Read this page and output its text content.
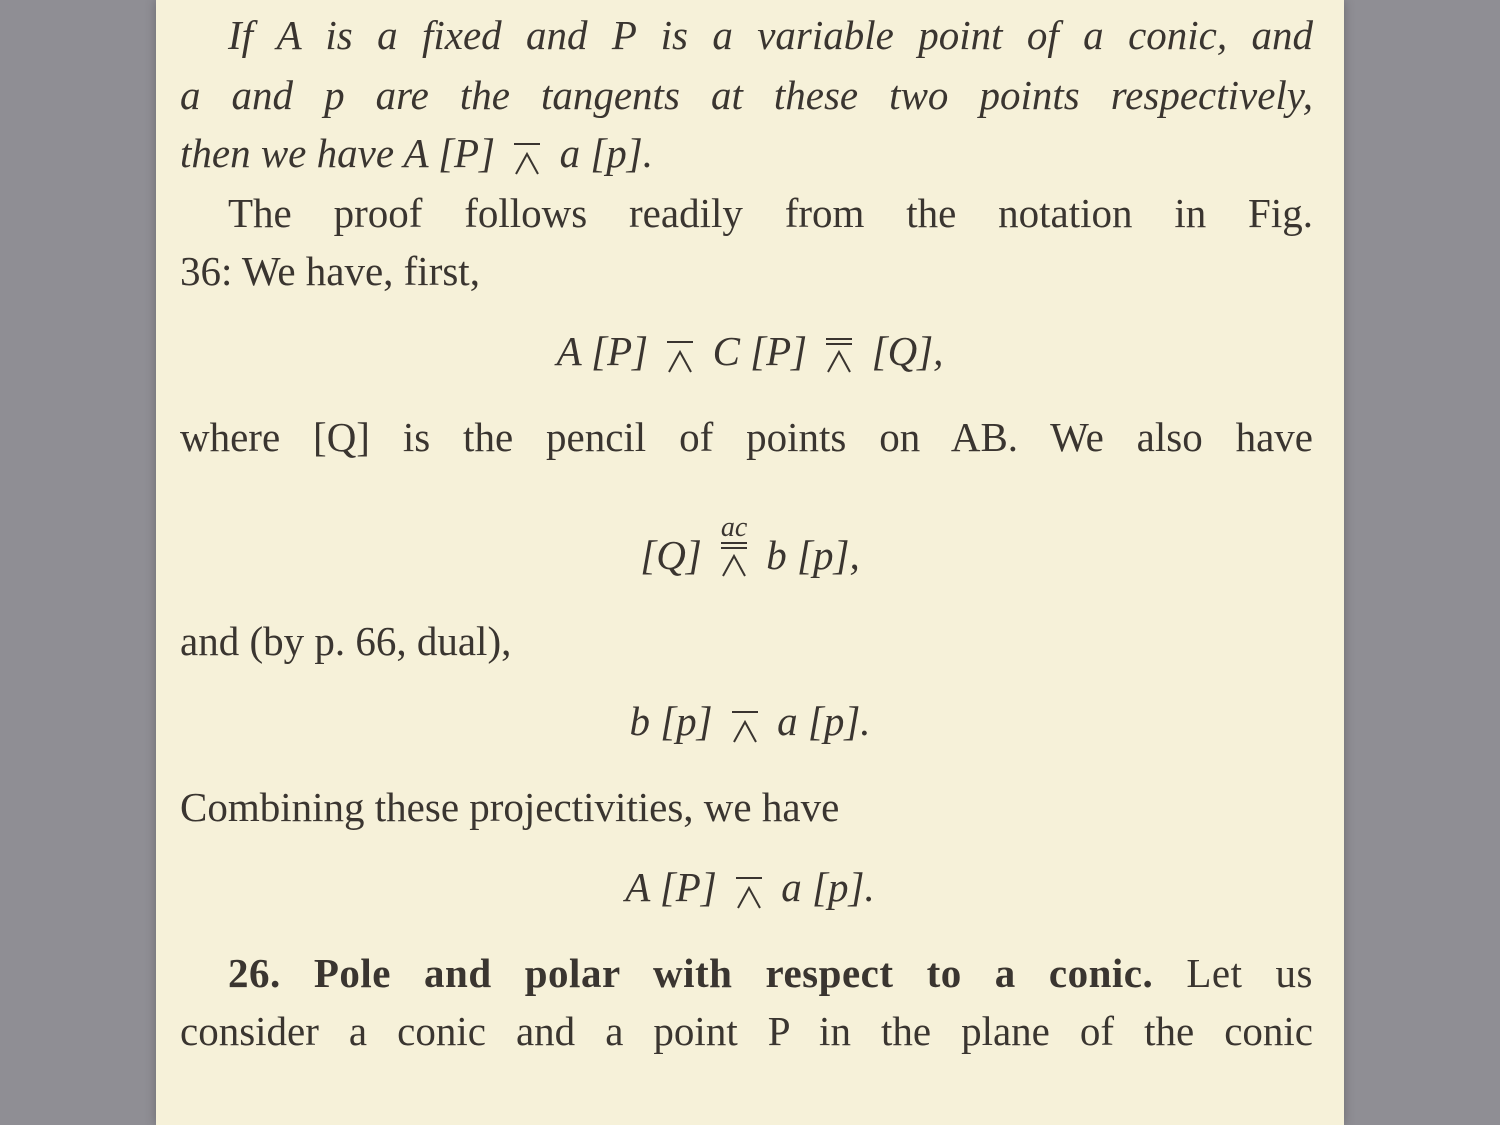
If A is a fixed and P is a variable point of a conic, and
a and p are the tangents at these two points respectively,
then we have A [P] a [p].
The proof follows readily from the notation in Fig.
36: We have, first,
A [P] C [P] [Q],
where [Q] is the pencil of points on AB. We also have
[Q]
ac
b [p],
and (by p. 66, dual),
b [p] a [p].
Combining these projectivities, we have
A [P] a [p].
26. Pole and polar with respect to a conic. Let us
consider a conic and a point P in the plane of the conic
